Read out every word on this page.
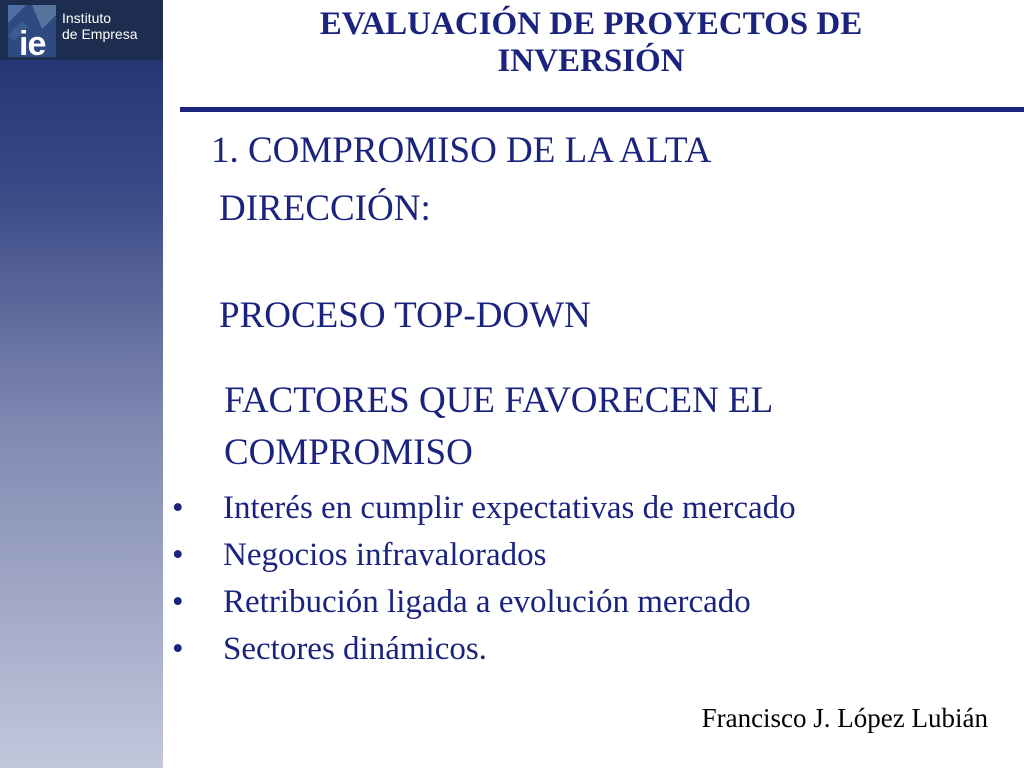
ie
Instituto
de Empresa	EVALUACIÓN DE PROYECTOS DE
INVERSIÓN
1. COMPROMISO DE LA ALTA
DIRECCIÓN:
PROCESO TOP-DOWN
FACTORES QUE FAVORECEN EL
COMPROMISO
• Interés en cumplir expectativas de mercado
• Negocios infravalorados
• Retribución ligada a evolución mercado
• Sectores dinámicos.
Francisco J. López Lubián
